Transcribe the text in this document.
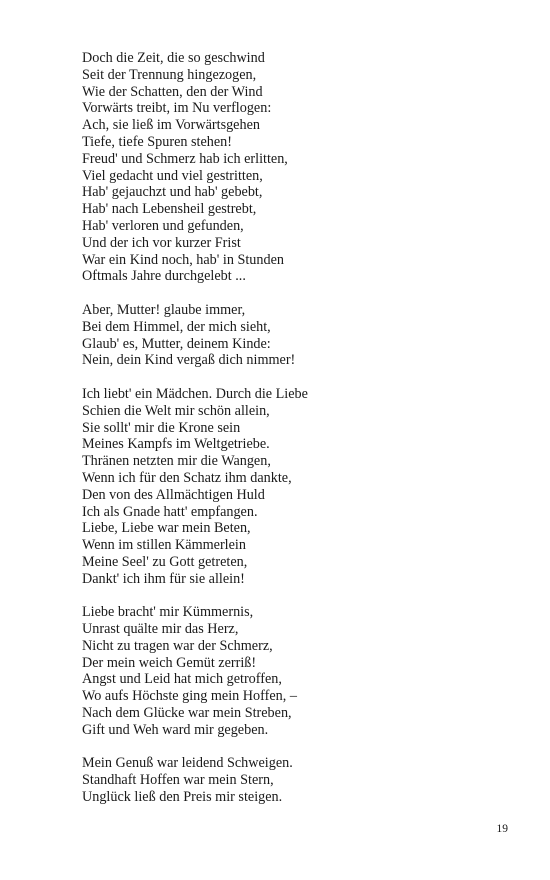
Doch die Zeit, die so geschwind
Seit der Trennung hingezogen,
Wie der Schatten, den der Wind
Vorwärts treibt, im Nu verflogen:
Ach, sie ließ im Vorwärtsgehen
Tiefe, tiefe Spuren stehen!
Freud' und Schmerz hab ich erlitten,
Viel gedacht und viel gestritten,
Hab' gejauchzt und hab' gebebt,
Hab' nach Lebensheil gestrebt,
Hab' verloren und gefunden,
Und der ich vor kurzer Frist
War ein Kind noch, hab' in Stunden
Oftmals Jahre durchgelebt ...
Aber, Mutter! glaube immer,
Bei dem Himmel, der mich sieht,
Glaub' es, Mutter, deinem Kinde:
Nein, dein Kind vergaß dich nimmer!
Ich liebt' ein Mädchen. Durch die Liebe
Schien die Welt mir schön allein,
Sie sollt' mir die Krone sein
Meines Kampfs im Weltgetriebe.
Thränen netzten mir die Wangen,
Wenn ich für den Schatz ihm dankte,
Den von des Allmächtigen Huld
Ich als Gnade hatt' empfangen.
Liebe, Liebe war mein Beten,
Wenn im stillen Kämmerlein
Meine Seel' zu Gott getreten,
Dankt' ich ihm für sie allein!
Liebe bracht' mir Kümmernis,
Unrast quälte mir das Herz,
Nicht zu tragen war der Schmerz,
Der mein weich Gemüt zerriß!
Angst und Leid hat mich getroffen,
Wo aufs Höchste ging mein Hoffen, –
Nach dem Glücke war mein Streben,
Gift und Weh ward mir gegeben.
Mein Genuß war leidend Schweigen.
Standhaft Hoffen war mein Stern,
Unglück ließ den Preis mir steigen.
19
